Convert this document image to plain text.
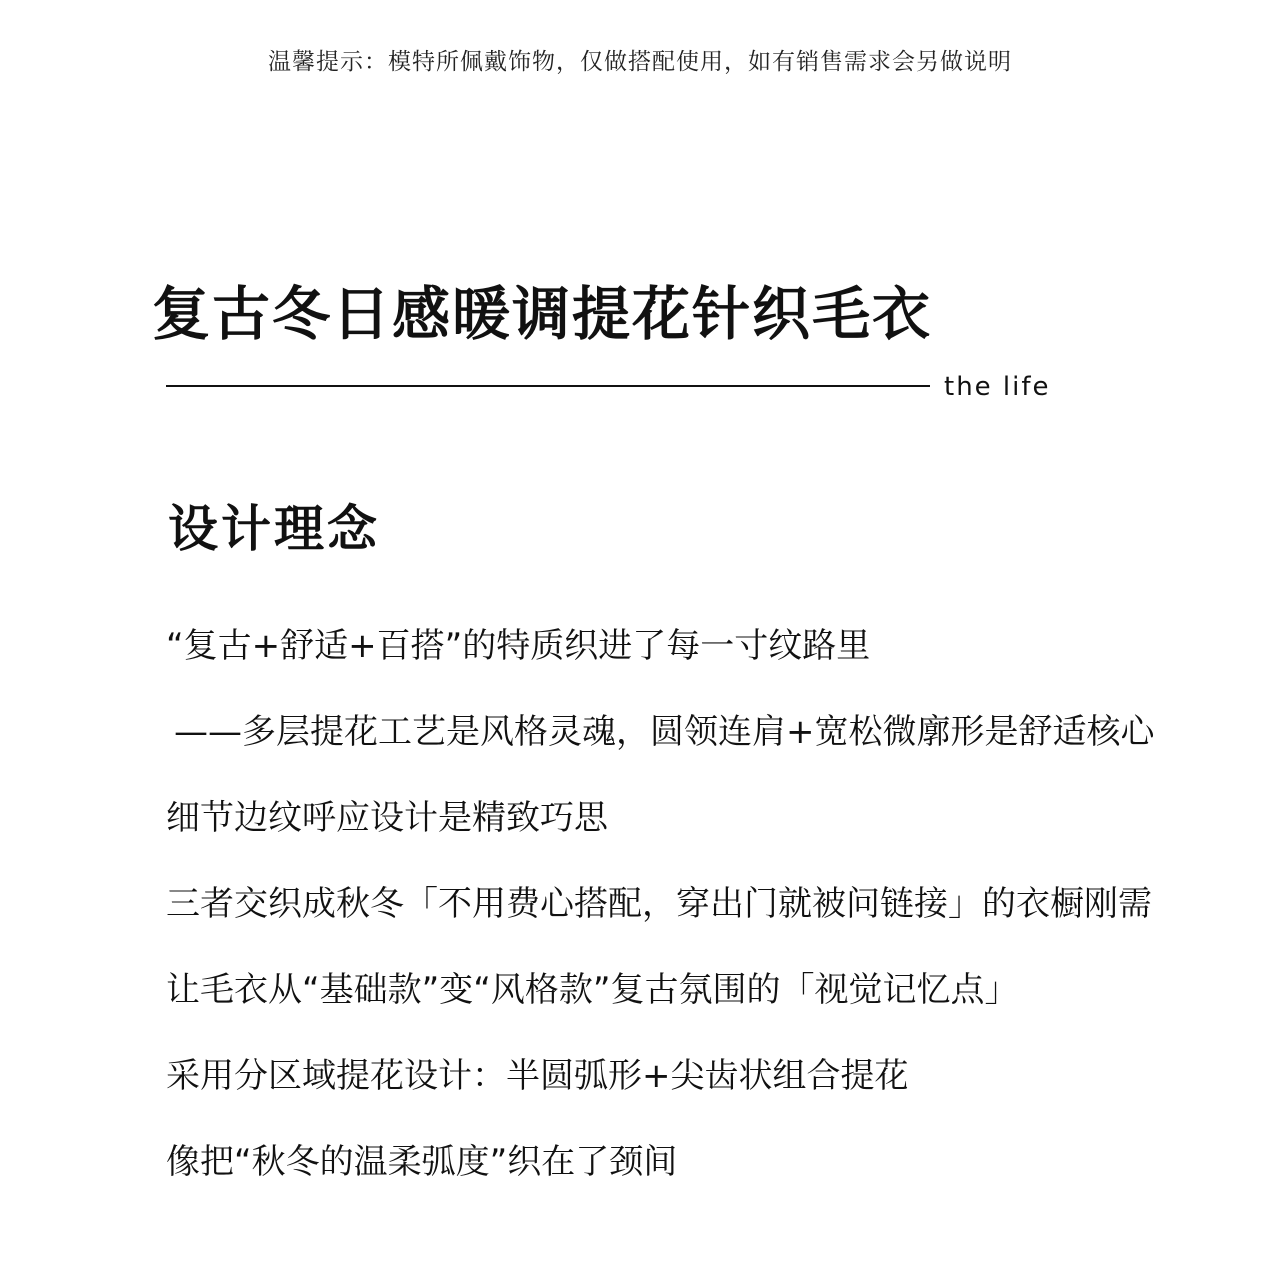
温馨提示：模特所佩戴饰物，仅做搭配使用，如有销售需求会另做说明
复古冬日感暖调提花针织毛衣
the life
设计理念
“复古+舒适+百搭”的特质织进了每一寸纹路里
——多层提花工艺是风格灵魂，圆领连肩+宽松微廓形是舒适核心
细节边纹呼应设计是精致巧思
三者交织成秋冬「不用费心搭配，穿出门就被问链接」的衣橱刚需
让毛衣从“基础款”变“风格款”复古氛围的「视觉记忆点」
采用分区域提花设计：半圆弧形+尖齿状组合提花
像把“秋冬的温柔弧度”织在了颈间
